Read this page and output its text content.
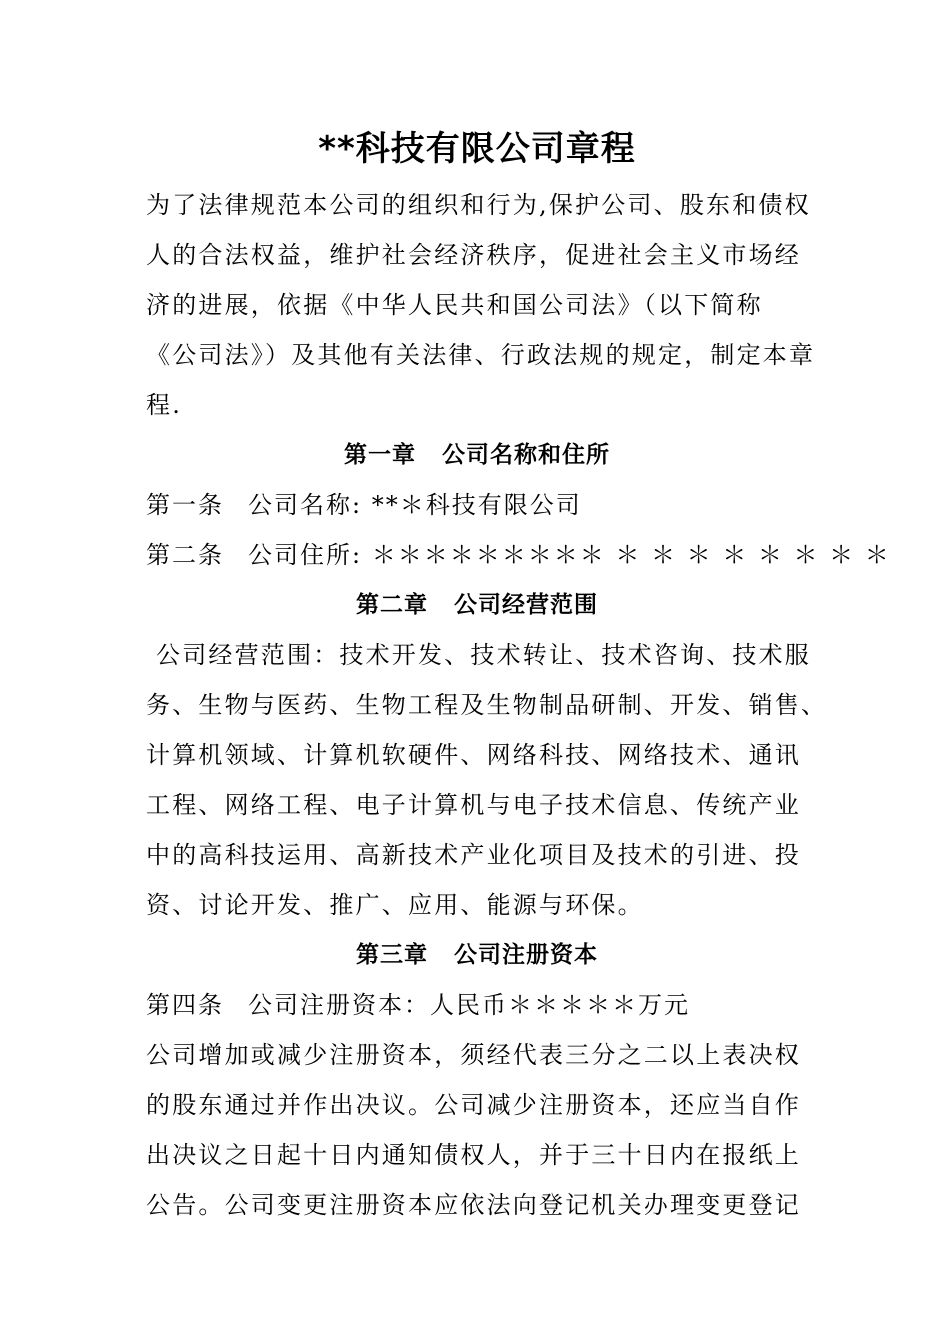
**科技有限公司章程

为了法律规范本公司的组织和行为,保护公司、股东和债权
人的合法权益，维护社会经济秩序，促进社会主义市场经
济的进展，依据《中华人民共和国公司法》（以下简称
《公司法》）及其他有关法律、行政法规的规定，制定本章
程.

第一章 公司名称和住所

第一条 公司名称: **＊科技有限公司

第二条 公司住所: ＊＊＊＊＊＊＊＊＊ ＊ ＊ ＊ ＊ ＊ ＊ ＊ ＊

第二章 公司经营范围

公司经营范围：技术开发、技术转让、技术咨询、技术服
务、生物与医药、生物工程及生物制品研制、开发、销售、
计算机领域、计算机软硬件、网络科技、网络技术、通讯
工程、网络工程、电子计算机与电子技术信息、传统产业
中的高科技运用、高新技术产业化项目及技术的引进、投
资、讨论开发、推广、应用、能源与环保。

第三章 公司注册资本

第四条 公司注册资本：人民币＊＊＊＊＊万元

公司增加或减少注册资本，须经代表三分之二以上表决权
的股东通过并作出决议。公司减少注册资本，还应当自作
出决议之日起十日内通知债权人，并于三十日内在报纸上
公告。公司变更注册资本应依法向登记机关办理变更登记
